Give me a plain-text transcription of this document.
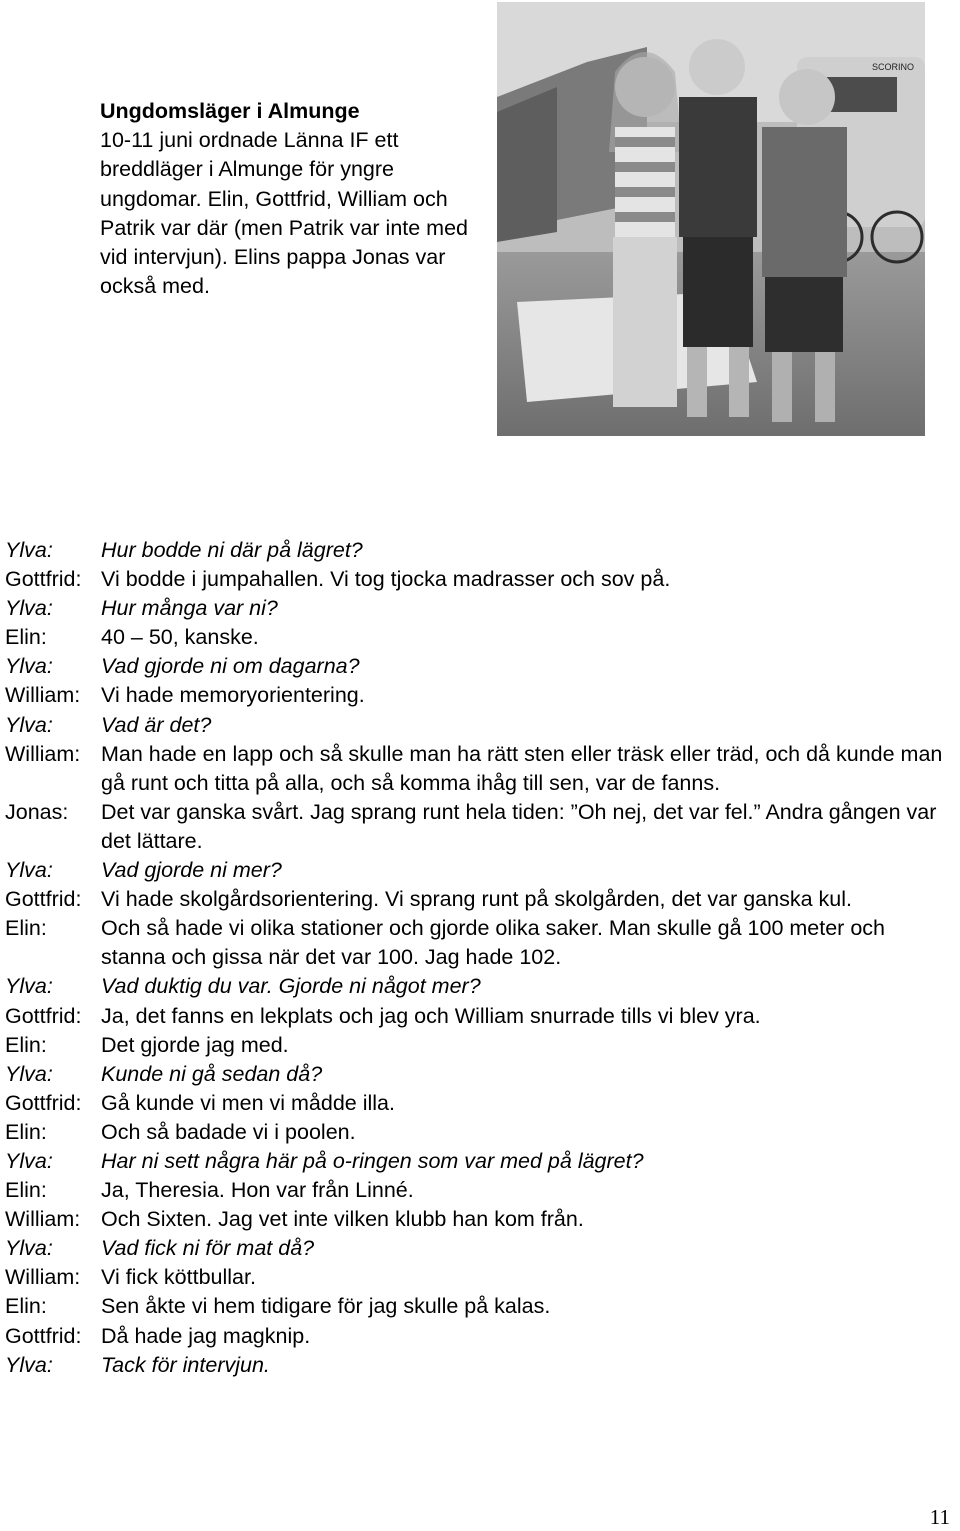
Ungdomsläger i Almunge
10-11 juni ordnade Länna IF ett breddläger i Almunge för yngre ungdomar. Elin, Gottfrid, William och Patrik var där (men Patrik var inte med vid intervjun). Elins pappa Jonas var också med.
SCORINO
Ylva:	Hur bodde ni där på lägret?
Gottfrid: Vi bodde i jumpahallen. Vi tog tjocka madrasser och sov på.
Ylva:	Hur många var ni?
Elin:	40 – 50, kanske.
Ylva:	Vad gjorde ni om dagarna?
William: Vi hade memoryorientering.
Ylva:	Vad är det?
William: Man hade en lapp och så skulle man ha rätt sten eller träsk eller träd, och då kunde man gå runt och titta på alla, och så komma ihåg till sen, var de fanns.
Jonas:	Det var ganska svårt. Jag sprang runt hela tiden: ”Oh nej, det var fel.” Andra gången var det lättare.
Ylva:	Vad gjorde ni mer?
Gottfrid: Vi hade skolgårdsorientering. Vi sprang runt på skolgården, det var ganska kul.
Elin:	Och så hade vi olika stationer och gjorde olika saker. Man skulle gå 100 meter och stanna och gissa när det var 100. Jag hade 102.
Ylva:	Vad duktig du var. Gjorde ni något mer?
Gottfrid: Ja, det fanns en lekplats och jag och William snurrade tills vi blev yra.
Elin:	Det gjorde jag med.
Ylva:	Kunde ni gå sedan då?
Gottfrid: Gå kunde vi men vi mådde illa.
Elin:	Och så badade vi i poolen.
Ylva:	Har ni sett några här på o-ringen som var med på lägret?
Elin:	Ja, Theresia. Hon var från Linné.
William: Och Sixten. Jag vet inte vilken klubb han kom från.
Ylva:	Vad fick ni för mat då?
William: Vi fick köttbullar.
Elin:	Sen åkte vi hem tidigare för jag skulle på kalas.
Gottfrid: Då hade jag magknip.
Ylva:	Tack för intervjun.
11
